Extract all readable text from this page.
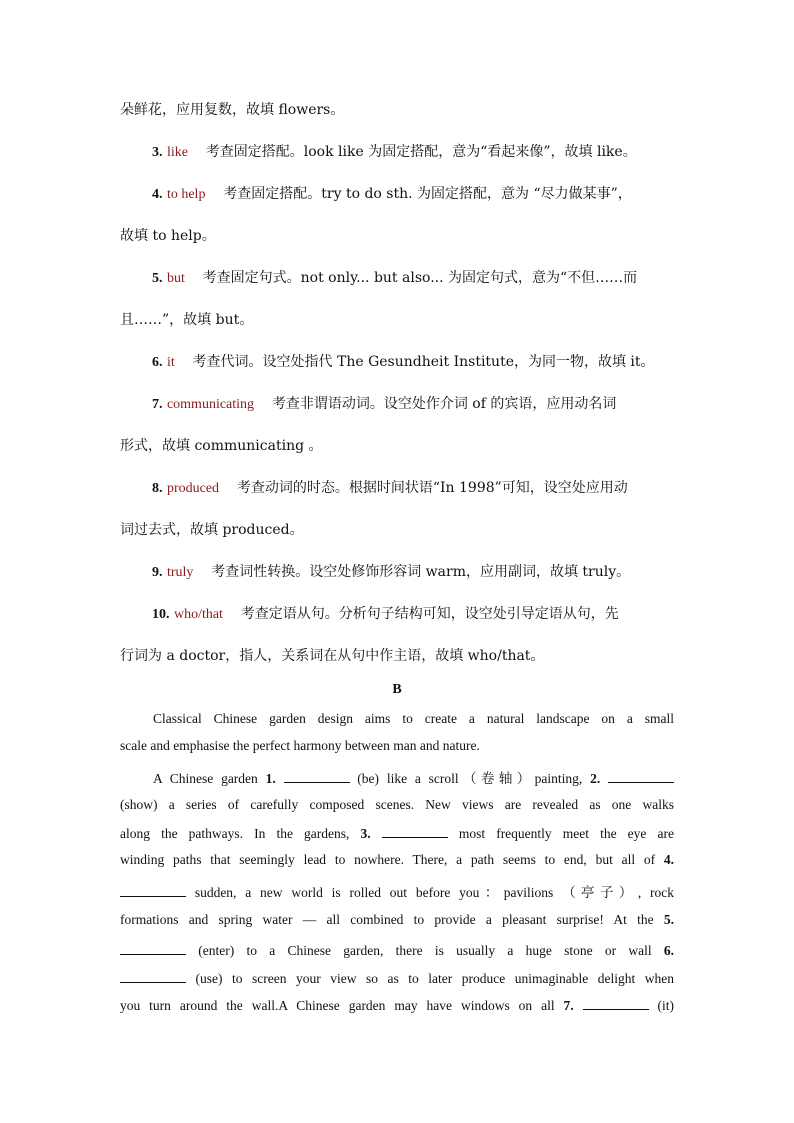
朵鲜花，应用复数，故填 flowers。
3. like 考查固定搭配。look like 为固定搭配，意为“看起来像”，故填 like。
4. to help 考查固定搭配。try to do sth. 为固定搭配，意为 “尽力做某事”，
故填 to help。
5. but 考查固定句式。not only... but also... 为固定句式，意为“不但……而
且……”，故填 but。
6. it 考查代词。设空处指代 The Gesundheit Institute，为同一物，故填 it。
7. communicating 考查非谓语动词。设空处作介词 of 的宾语，应用动名词
形式，故填 communicating 。
8. produced 考查动词的时态。根据时间状语“In 1998”可知，设空处应用动
词过去式，故填 produced。
9. truly 考查词性转换。设空处修饰形容词 warm，应用副词，故填 truly。
10. who/that 考查定语从句。分析句子结构可知，设空处引导定语从句，先
行词为 a doctor，指人，关系词在从句中作主语，故填 who/that。
B
Classical Chinese garden design aims to create a natural landscape on a small
scale and emphasise the perfect harmony between man and nature.
A Chinese garden 1.	(be) like a scroll（卷轴）painting, 2.
(show) a series of carefully composed scenes. New views are revealed as one walks
along the pathways. In the gardens, 3.	most frequently meet the eye are
winding paths that seemingly lead to nowhere. There, a path seems to end, but all of 4.
sudden, a new world is rolled out before you：pavilions （亭子）, rock
formations and spring water — all combined to provide a pleasant surprise! At the 5.
(enter) to a Chinese garden, there is usually a huge stone or wall 6.
(use) to screen your view so as to later produce unimaginable delight when
you turn around the wall.A Chinese garden may have windows on all 7.	(it)
